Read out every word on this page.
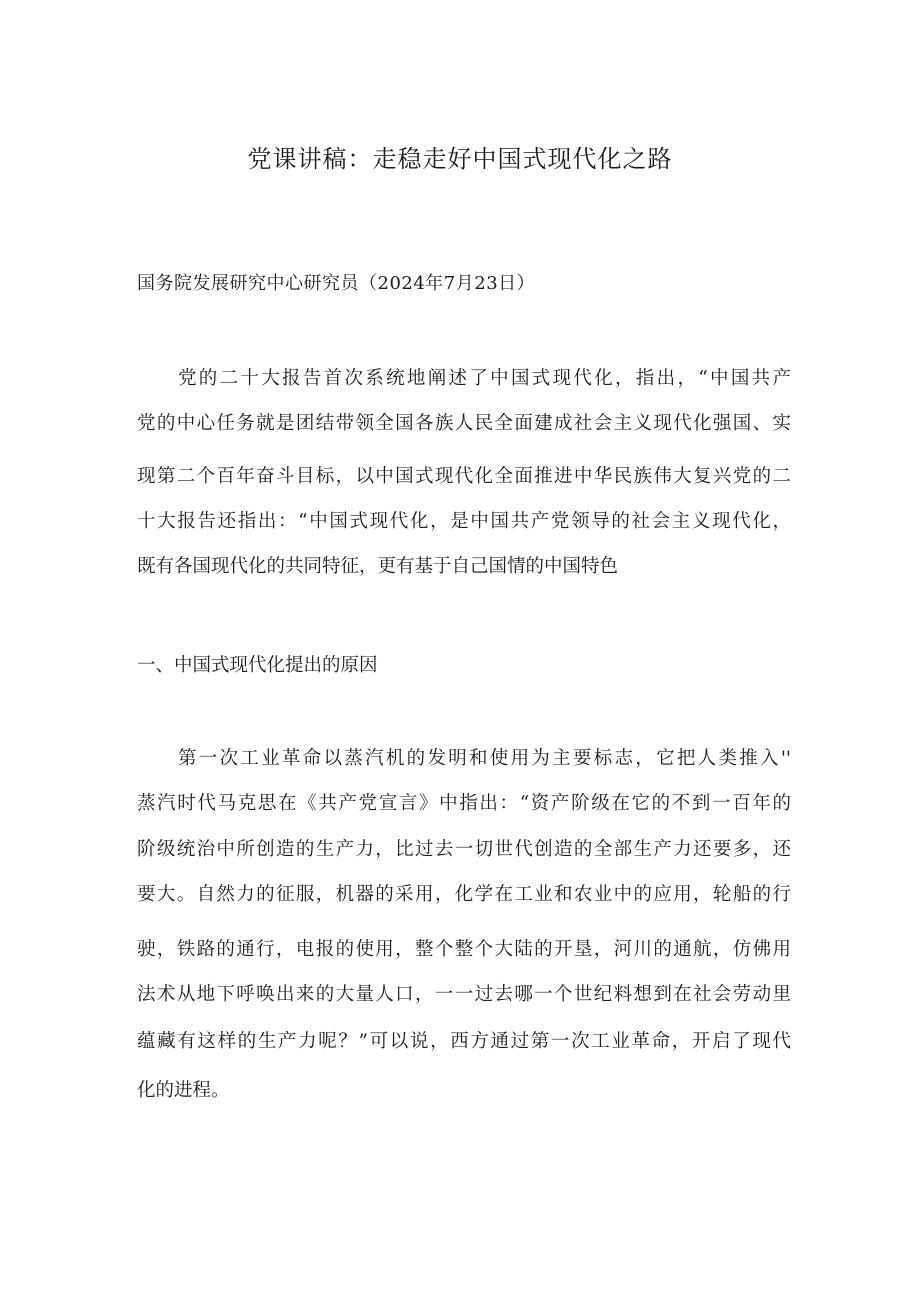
党课讲稿：走稳走好中国式现代化之路
国务院发展研究中心研究员（2024年7月23日）
党的二十大报告首次系统地阐述了中国式现代化，指出，“中国共产
党的中心任务就是团结带领全国各族人民全面建成社会主义现代化强国、实
现第二个百年奋斗目标，以中国式现代化全面推进中华民族伟大复兴党的二
十大报告还指出：“中国式现代化，是中国共产党领导的社会主义现代化，
既有各国现代化的共同特征，更有基于自己国情的中国特色
一、中国式现代化提出的原因
第一次工业革命以蒸汽机的发明和使用为主要标志，它把人类推入''
蒸汽时代马克思在《共产党宣言》中指出：“资产阶级在它的不到一百年的
阶级统治中所创造的生产力，比过去一切世代创造的全部生产力还要多，还
要大。自然力的征服，机器的采用，化学在工业和农业中的应用，轮船的行
驶，铁路的通行，电报的使用，整个整个大陆的开垦，河川的通航，仿佛用
法术从地下呼唤出来的大量人口，一一过去哪一个世纪料想到在社会劳动里
蕴藏有这样的生产力呢？”可以说，西方通过第一次工业革命，开启了现代
化的进程。
